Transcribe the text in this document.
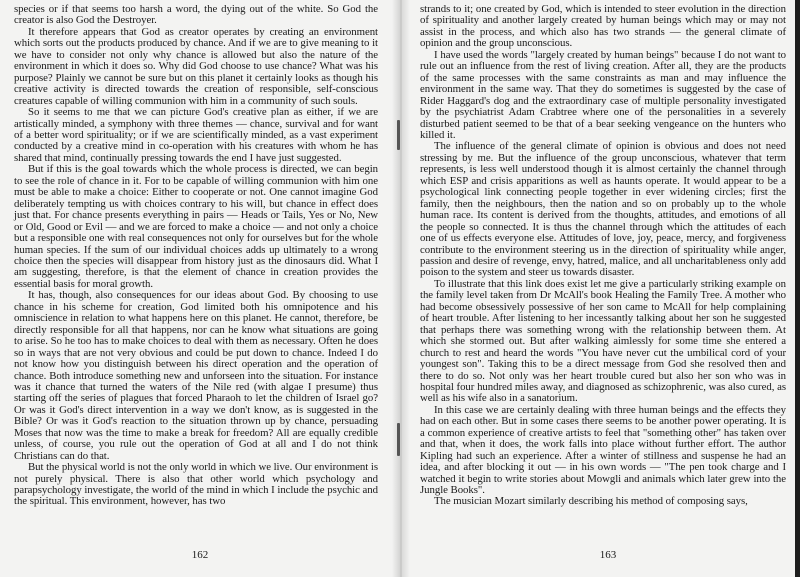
species or if that seems too harsh a word, the dying out of the white. So God the creator is also God the Destroyer.

It therefore appears that God as creator operates by creating an environment which sorts out the products produced by chance. And if we are to give meaning to it we have to consider not only why chance is allowed but also the nature of the environment in which it does so. Why did God choose to use chance? What was his purpose? Plainly we cannot be sure but on this planet it certainly looks as though his creative activity is directed towards the creation of responsible, self-conscious creatures capable of willing communion with him in a community of such souls.

So it seems to me that we can picture God's creative plan as either, if we are artistically minded, a symphony with three themes — chance, survival and for want of a better word spirituality; or if we are scientifically minded, as a vast experiment conducted by a creative mind in co-operation with his creatures with whom he has shared that mind, continually pressing towards the end I have just suggested.

But if this is the goal towards which the whole process is directed, we can begin to see the role of chance in it. For to be capable of willing communion with him one must be able to make a choice: Either to cooperate or not. One cannot imagine God deliberately tempting us with choices contrary to his will, but chance in effect does just that. For chance presents everything in pairs — Heads or Tails, Yes or No, New or Old, Good or Evil — and we are forced to make a choice — and not only a choice but a responsible one with real consequences not only for ourselves but for the whole human species. If the sum of our individual choices adds up ultimately to a wrong choice then the species will disappear from history just as the dinosaurs did. What I am suggesting, therefore, is that the element of chance in creation provides the essential basis for moral growth.

It has, though, also consequences for our ideas about God. By choosing to use chance in his scheme for creation, God limited both his omnipotence and his omniscience in relation to what happens here on this planet. He cannot, therefore, be directly responsible for all that happens, nor can he know what situations are going to arise. So he too has to make choices to deal with them as necessary. Often he does so in ways that are not very obvious and could be put down to chance. Indeed I do not know how you distinguish between his direct operation and the operation of chance. Both introduce something new and unforseen into the situation. For instance was it chance that turned the waters of the Nile red (with algae I presume) thus starting off the series of plagues that forced Pharaoh to let the children of Israel go? Or was it God's direct intervention in a way we don't know, as is suggested in the Bible? Or was it God's reaction to the situation thrown up by chance, persuading Moses that now was the time to make a break for freedom? All are equally credible unless, of course, you rule out the operation of God at all and I do not think Christians can do that.

But the physical world is not the only world in which we live. Our environment is not purely physical. There is also that other world which psychology and parapsychology investigate, the world of the mind in which I include the psychic and the spiritual. This environment, however, has two

162

strands to it; one created by God, which is intended to steer evolution in the direction of spirituality and another largely created by human beings which may or may not assist in the process, and which also has two strands — the general climate of opinion and the group unconscious.

I have used the words "largely created by human beings" because I do not want to rule out an influence from the rest of living creation. After all, they are the products of the same processes with the same constraints as man and may influence the environment in the same way. That they do sometimes is suggested by the case of Rider Haggard's dog and the extraordinary case of multiple personality investigated by the psychiatrist Adam Crabtree where one of the personalities in a severely disturbed patient seemed to be that of a bear seeking vengeance on the hunters who killed it.

The influence of the general climate of opinion is obvious and does not need stressing by me. But the influence of the group unconscious, whatever that term represents, is less well understood though it is almost certainly the channel through which ESP and crisis apparitions as well as haunts operate. It would appear to be a psychological link connecting people together in ever widening circles; first the family, then the neighbours, then the nation and so on probably up to the whole human race. Its content is derived from the thoughts, attitudes, and emotions of all the people so connected. It is thus the channel through which the attitudes of each one of us effects everyone else. Attitudes of love, joy, peace, mercy, and forgiveness contribute to the environment steering us in the direction of spirituality while anger, passion and desire of revenge, envy, hatred, malice, and all uncharitableness only add poison to the system and steer us towards disaster.

To illustrate that this link does exist let me give a particularly striking example on the family level taken from Dr McAll's book Healing the Family Tree. A mother who had become obsessively possessive of her son came to McAll for help complaining of heart trouble. After listening to her incessantly talking about her son he suggested that perhaps there was something wrong with the relationship between them. At which she stormed out. But after walking aimlessly for some time she entered a church to rest and heard the words "You have never cut the umbilical cord of your youngest son". Taking this to be a direct message from God she resolved then and there to do so. Not only was her heart trouble cured but also her son who was in hospital four hundred miles away, and diagnosed as schizophrenic, was also cured, as well as his wife also in a sanatorium.

In this case we are certainly dealing with three human beings and the effects they had on each other. But in some cases there seems to be another power operating. It is a common experience of creative artists to feel that "something other" has taken over and that, when it does, the work falls into place without further effort. The author Kipling had such an experience. After a winter of stillness and suspense he had an idea, and after blocking it out — in his own words — "The pen took charge and I watched it begin to write stories about Mowgli and animals which later grew into the Jungle Books".

The musician Mozart similarly describing his method of composing says,

163
